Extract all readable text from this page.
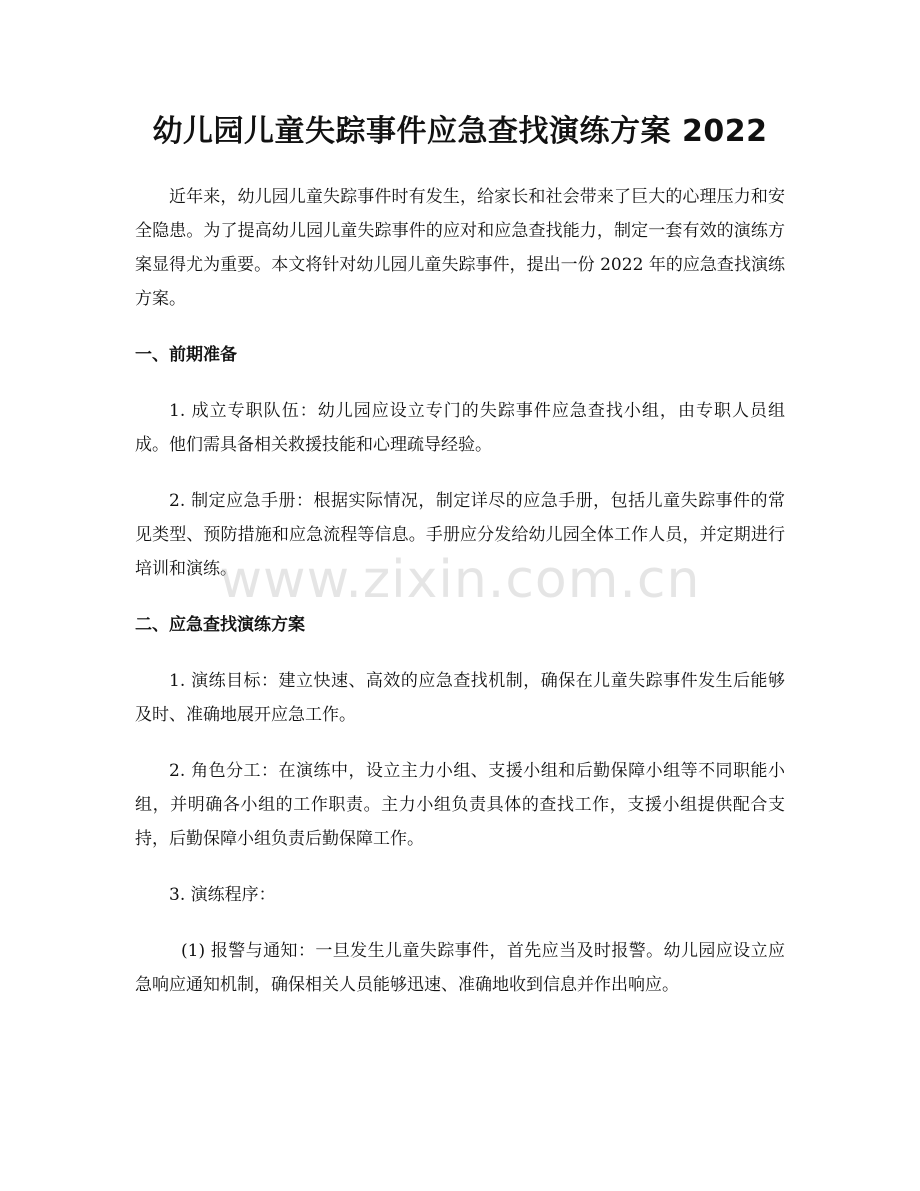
幼儿园儿童失踪事件应急查找演练方案 2022

近年来，幼儿园儿童失踪事件时有发生，给家长和社会带来了巨大的心理压力和安全隐患。为了提高幼儿园儿童失踪事件的应对和应急查找能力，制定一套有效的演练方案显得尤为重要。本文将针对幼儿园儿童失踪事件，提出一份 2022 年的应急查找演练方案。

一、前期准备

1. 成立专职队伍：幼儿园应设立专门的失踪事件应急查找小组，由专职人员组成。他们需具备相关救援技能和心理疏导经验。

2. 制定应急手册：根据实际情况，制定详尽的应急手册，包括儿童失踪事件的常见类型、预防措施和应急流程等信息。手册应分发给幼儿园全体工作人员，并定期进行培训和演练。

二、应急查找演练方案

1. 演练目标：建立快速、高效的应急查找机制，确保在儿童失踪事件发生后能够及时、准确地展开应急工作。

2. 角色分工：在演练中，设立主力小组、支援小组和后勤保障小组等不同职能小组，并明确各小组的工作职责。主力小组负责具体的查找工作，支援小组提供配合支持，后勤保障小组负责后勤保障工作。

3. 演练程序：

(1) 报警与通知：一旦发生儿童失踪事件，首先应当及时报警。幼儿园应设立应急响应通知机制，确保相关人员能够迅速、准确地收到信息并作出响应。

www.zixin.com.cn
